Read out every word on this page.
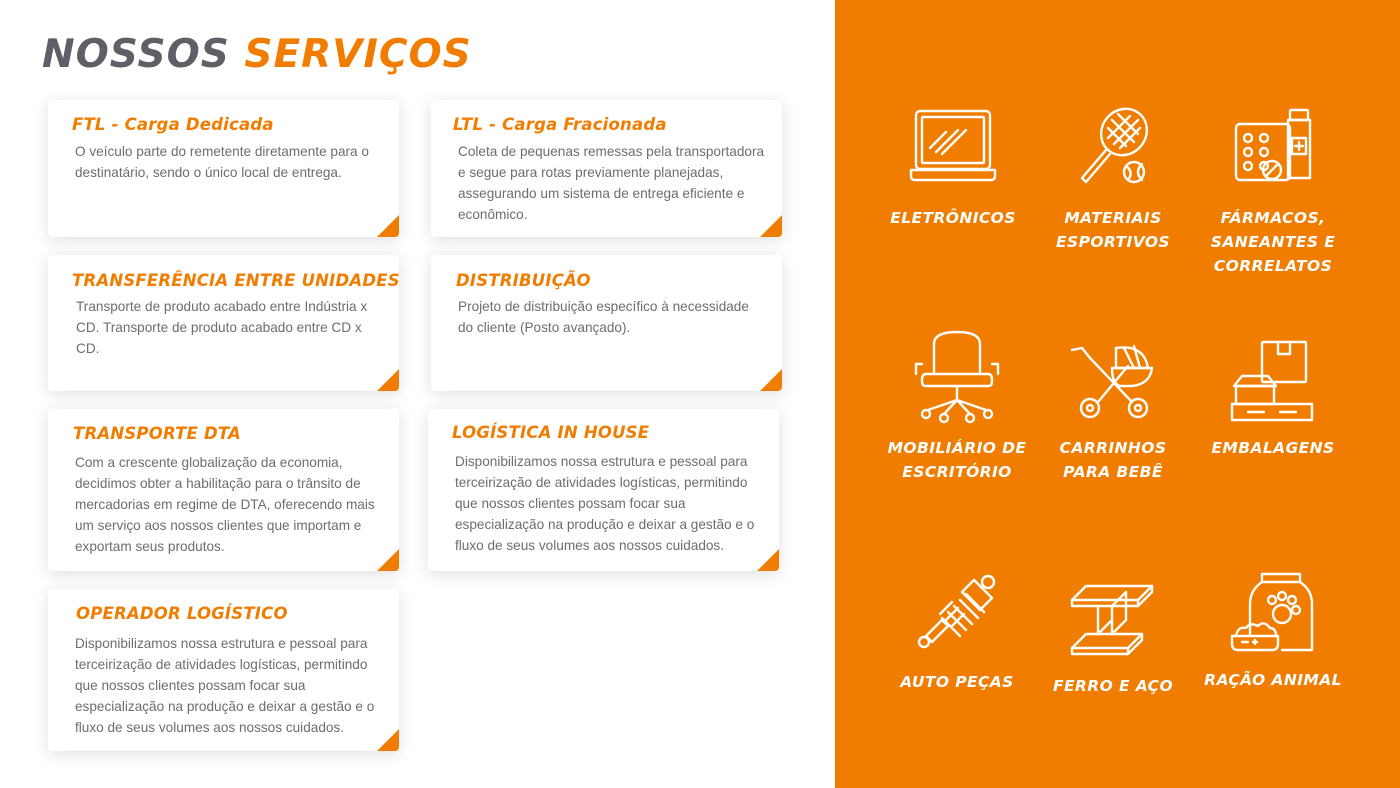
NOSSOS SERVIÇOS
FTL - Carga Dedicada

O veículo parte do remetente diretamente para o destinatário, sendo o único local de entrega.

LTL - Carga Fracionada

Coleta de pequenas remessas pela transportadora e segue para rotas previamente planejadas, assegurando um sistema de entrega eficiente e econômico.

TRANSFERÊNCIA ENTRE UNIDADES

Transporte de produto acabado entre Indústria x CD. Transporte de produto acabado entre CD x CD.

DISTRIBUIÇÃO

Projeto de distribuição específico à necessidade do cliente (Posto avançado).

TRANSPORTE DTA

Com a crescente globalização da economia, decidimos obter a habilitação para o trânsito de mercadorias em regime de DTA, oferecendo mais um serviço aos nossos clientes que importam e exportam seus produtos.

LOGÍSTICA IN HOUSE

Disponibilizamos nossa estrutura e pessoal para terceirização de atividades logísticas, permitindo que nossos clientes possam focar sua especialização na produção e deixar a gestão e o fluxo de seus volumes aos nossos cuidados.

OPERADOR LOGÍSTICO

Disponibilizamos nossa estrutura e pessoal para terceirização de atividades logísticas, permitindo que nossos clientes possam focar sua especialização na produção e deixar a gestão e o fluxo de seus volumes aos nossos cuidados.

ELETRÔNICOS	MATERIAIS ESPORTIVOS
FÁRMACOS, SANEANTES E CORRELATOS
MOBILIÁRIO DE ESCRITÓRIO
CARRINHOS PARA BEBÊ
EMBALAGENS
AUTO PEÇAS	FERRO E AÇO	RAÇÃO ANIMAL
